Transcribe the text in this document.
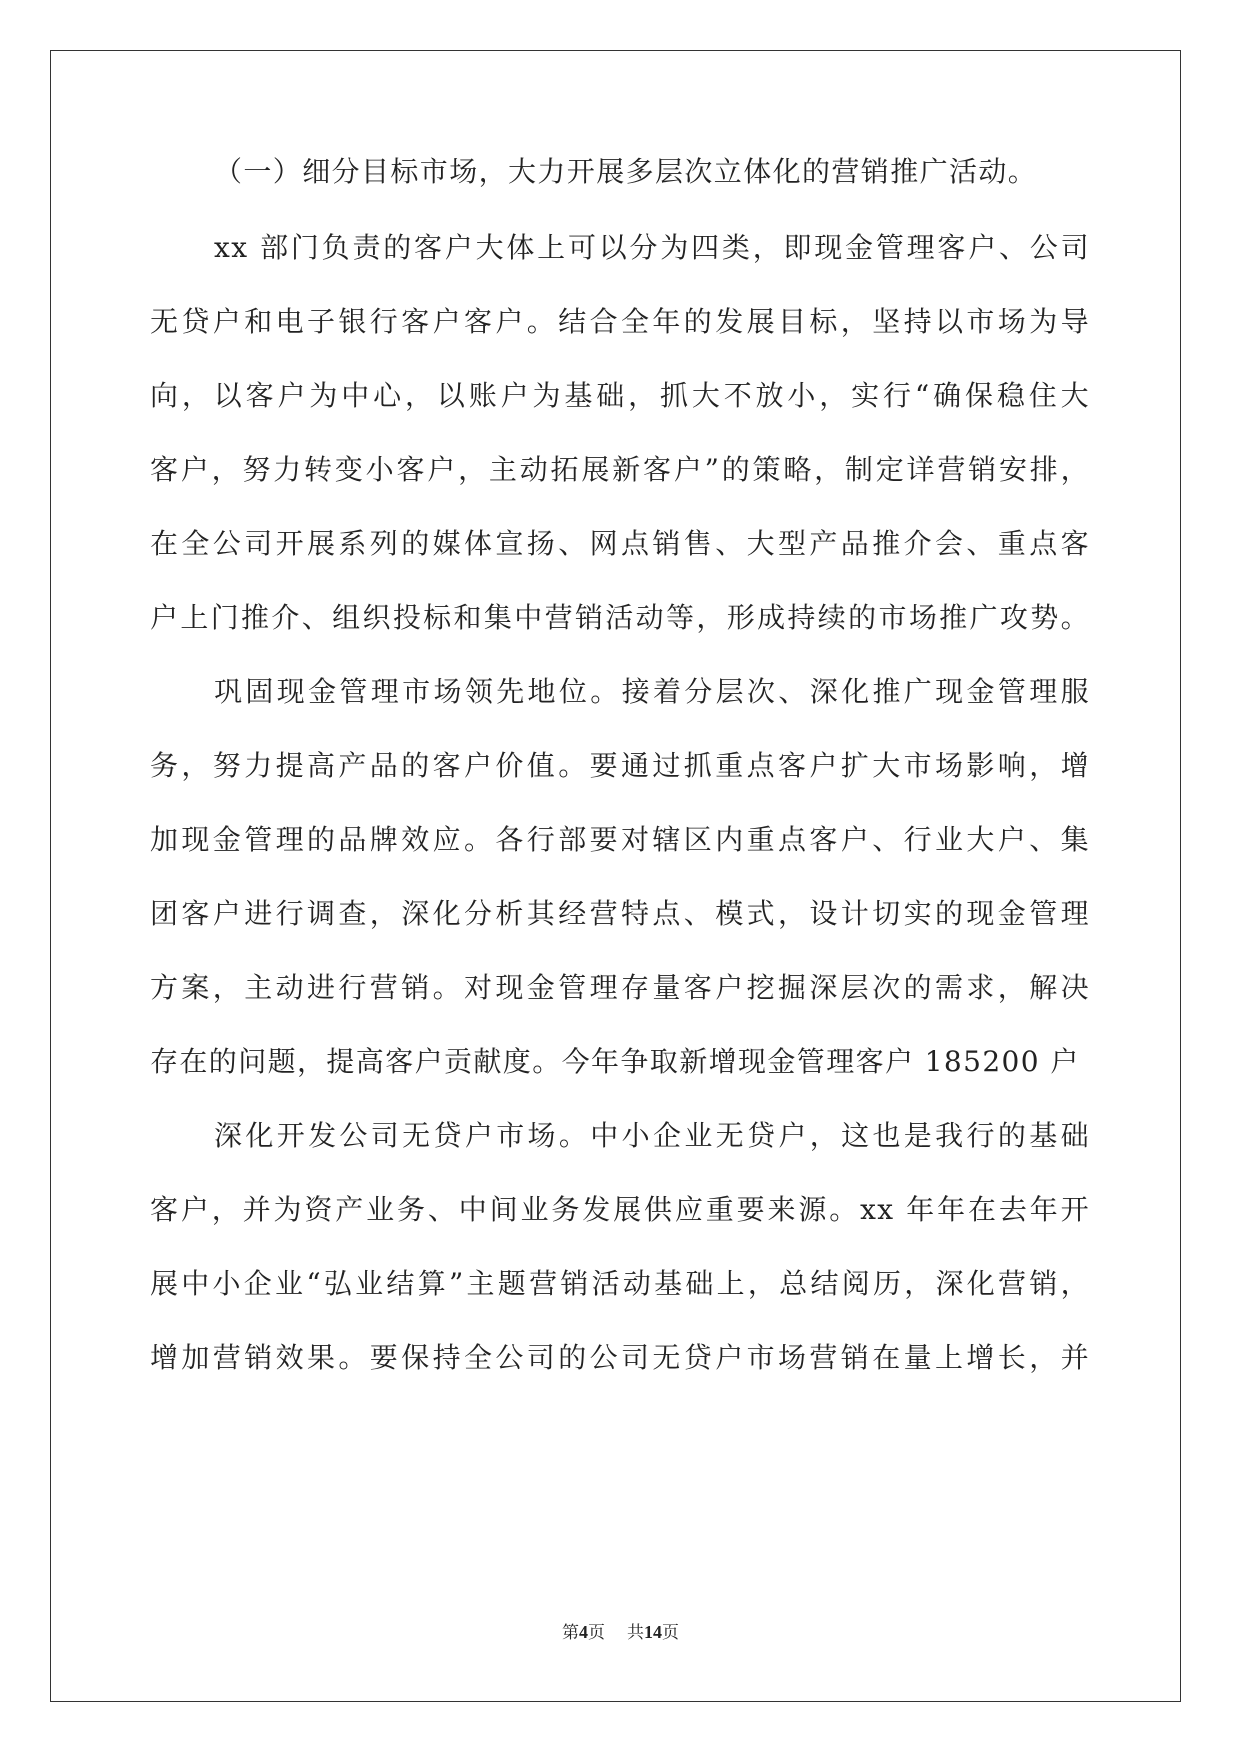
（一）细分目标市场，大力开展多层次立体化的营销推广活动。
xx 部门负责的客户大体上可以分为四类，即现金管理客户、公司
无贷户和电子银行客户客户。结合全年的发展目标，坚持以市场为导
向，以客户为中心，以账户为基础，抓大不放小，实行“确保稳住大
客户，努力转变小客户，主动拓展新客户”的策略，制定详营销安排，
在全公司开展系列的媒体宣扬、网点销售、大型产品推介会、重点客
户上门推介、组织投标和集中营销活动等，形成持续的市场推广攻势。
巩固现金管理市场领先地位。接着分层次、深化推广现金管理服
务，努力提高产品的客户价值。要通过抓重点客户扩大市场影响，增
加现金管理的品牌效应。各行部要对辖区内重点客户、行业大户、集
团客户进行调查，深化分析其经营特点、模式，设计切实的现金管理
方案，主动进行营销。对现金管理存量客户挖掘深层次的需求，解决
存在的问题，提高客户贡献度。今年争取新增现金管理客户 185200 户
深化开发公司无贷户市场。中小企业无贷户，这也是我行的基础
客户，并为资产业务、中间业务发展供应重要来源。xx 年年在去年开
展中小企业“弘业结算”主题营销活动基础上，总结阅历，深化营销，
增加营销效果。要保持全公司的公司无贷户市场营销在量上增长，并
第4页 共14页
